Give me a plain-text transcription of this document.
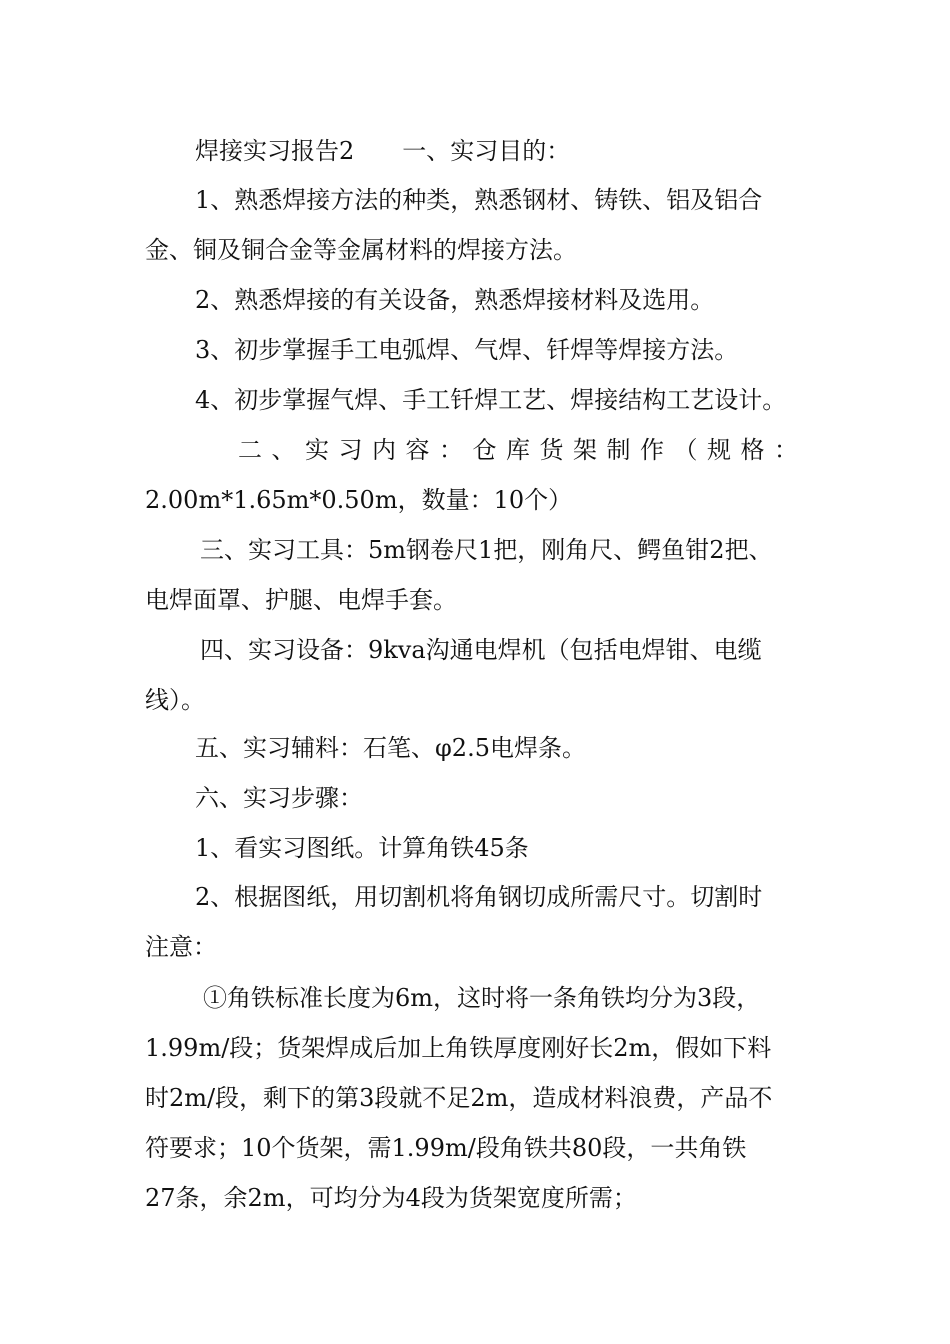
焊接实习报告2　　一、实习目的：
1、熟悉焊接方法的种类，熟悉钢材、铸铁、铝及铝合
金、铜及铜合金等金属材料的焊接方法。
2、熟悉焊接的有关设备，熟悉焊接材料及选用。
3、初步掌握手工电弧焊、气焊、钎焊等焊接方法。
4、初步掌握气焊、手工钎焊工艺、焊接结构工艺设计。
二 、 实 习 内 容 ： 仓 库 货 架 制 作 （ 规 格 ：
2.00m*1.65m*0.50m，数量：10个）
三、实习工具：5m钢卷尺1把，刚角尺、鳄鱼钳2把、
电焊面罩、护腿、电焊手套。
四、实习设备：9kva沟通电焊机（包括电焊钳、电缆
线）。
五、实习辅料：石笔、φ2.5电焊条。
六、实习步骤：
1、看实习图纸。计算角铁45条
2、根据图纸，用切割机将角钢切成所需尺寸。切割时
注意：
①角铁标准长度为6m，这时将一条角铁均分为3段，
1.99m/段；货架焊成后加上角铁厚度刚好长2m，假如下料
时2m/段，剩下的第3段就不足2m，造成材料浪费，产品不
符要求；10个货架，需1.99m/段角铁共80段，一共角铁
27条，余2m，可均分为4段为货架宽度所需；
